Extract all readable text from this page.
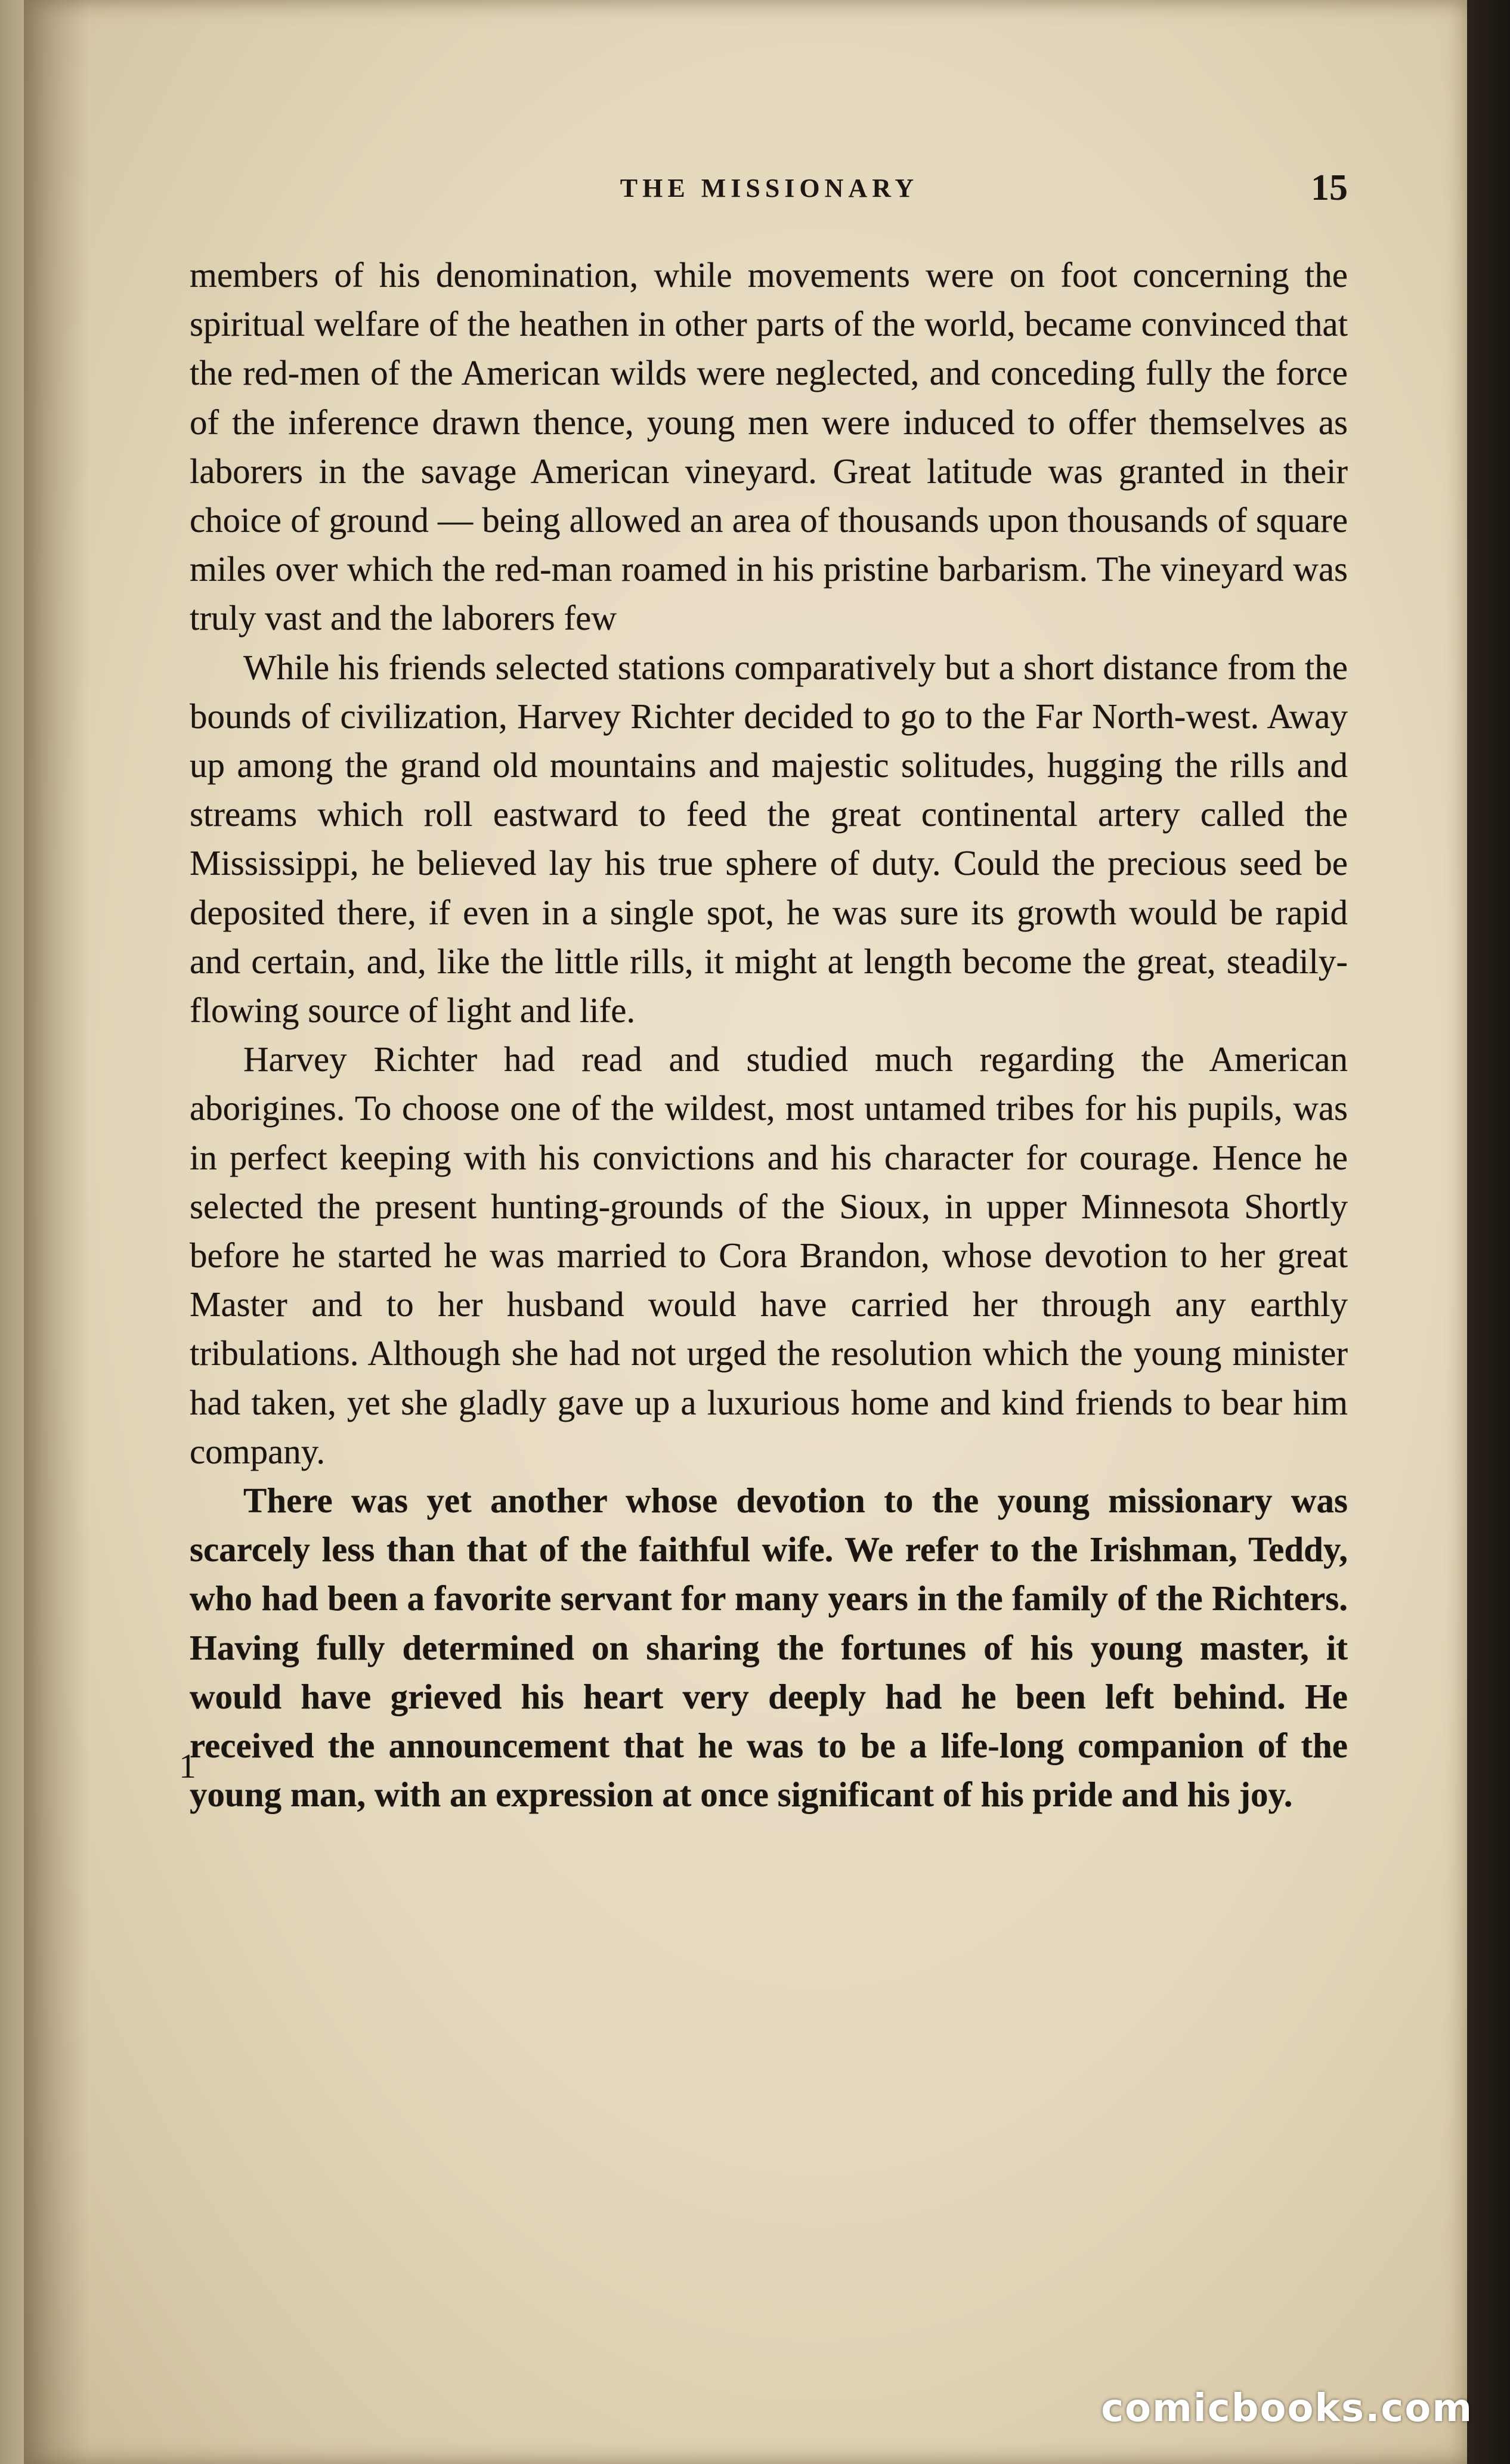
THE MISSIONARY	15

members of his denomination, while movements were on foot concerning the spiritual welfare of the heathen in other parts of the world, became convinced that the red-men of the American wilds were neglected, and conceding fully the force of the inference drawn thence, young men were induced to offer themselves as laborers in the savage American vineyard. Great latitude was granted in their choice of ground — being allowed an area of thousands upon thousands of square miles over which the red-man roamed in his pristine barbarism. The vineyard was truly vast and the laborers few

While his friends selected stations comparatively but a short distance from the bounds of civilization, Harvey Richter decided to go to the Far North-west. Away up among the grand old mountains and majestic solitudes, hugging the rills and streams which roll eastward to feed the great continental artery called the Mississippi, he believed lay his true sphere of duty. Could the precious seed be deposited there, if even in a single spot, he was sure its growth would be rapid and certain, and, like the little rills, it might at length become the great, steadily-flowing source of light and life.

Harvey Richter had read and studied much regarding the American aborigines. To choose one of the wildest, most untamed tribes for his pupils, was in perfect keeping with his convictions and his character for courage. Hence he selected the present hunting-grounds of the Sioux, in upper Minnesota Shortly before he started he was married to Cora Brandon, whose devotion to her great Master and to her husband would have carried her through any earthly tribulations. Although she had not urged the resolution which the young minister had taken, yet she gladly gave up a luxurious home and kind friends to bear him company.

There was yet another whose devotion to the young missionary was scarcely less than that of the faithful wife. We refer to the Irishman, Teddy, who had been a favorite servant for many years in the family of the Richters. Having fully determined on sharing the fortunes of his young master, it would have grieved his heart very deeply had he been left behind. He received the announcement that he was to be a life-long companion of the young man, with an expression at once significant of his pride and his joy.

1
comicbooks.com
